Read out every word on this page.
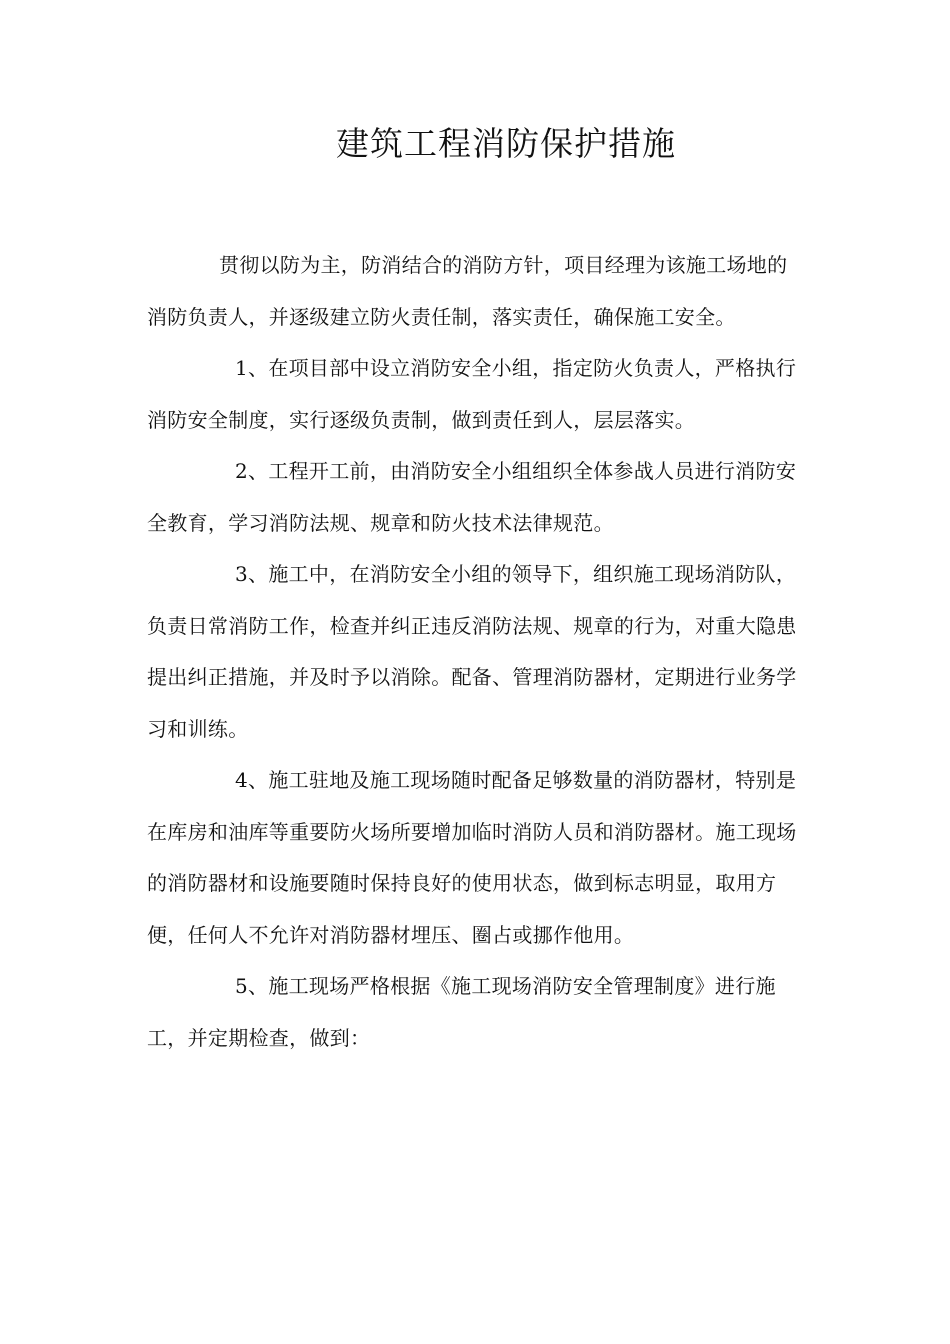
建筑工程消防保护措施

贯彻以防为主，防消结合的消防方针，项目经理为该施工场地的消防负责人，并逐级建立防火责任制，落实责任，确保施工安全。

1、在项目部中设立消防安全小组，指定防火负责人，严格执行消防安全制度，实行逐级负责制，做到责任到人，层层落实。

2、工程开工前，由消防安全小组组织全体参战人员进行消防安全教育，学习消防法规、规章和防火技术法律规范。

3、施工中，在消防安全小组的领导下，组织施工现场消防队，负责日常消防工作，检查并纠正违反消防法规、规章的行为，对重大隐患提出纠正措施，并及时予以消除。配备、管理消防器材，定期进行业务学习和训练。

4、施工驻地及施工现场随时配备足够数量的消防器材，特别是在库房和油库等重要防火场所要增加临时消防人员和消防器材。施工现场的消防器材和设施要随时保持良好的使用状态，做到标志明显，取用方便，任何人不允许对消防器材埋压、圈占或挪作他用。

5、施工现场严格根据《施工现场消防安全管理制度》进行施工，并定期检查，做到：
